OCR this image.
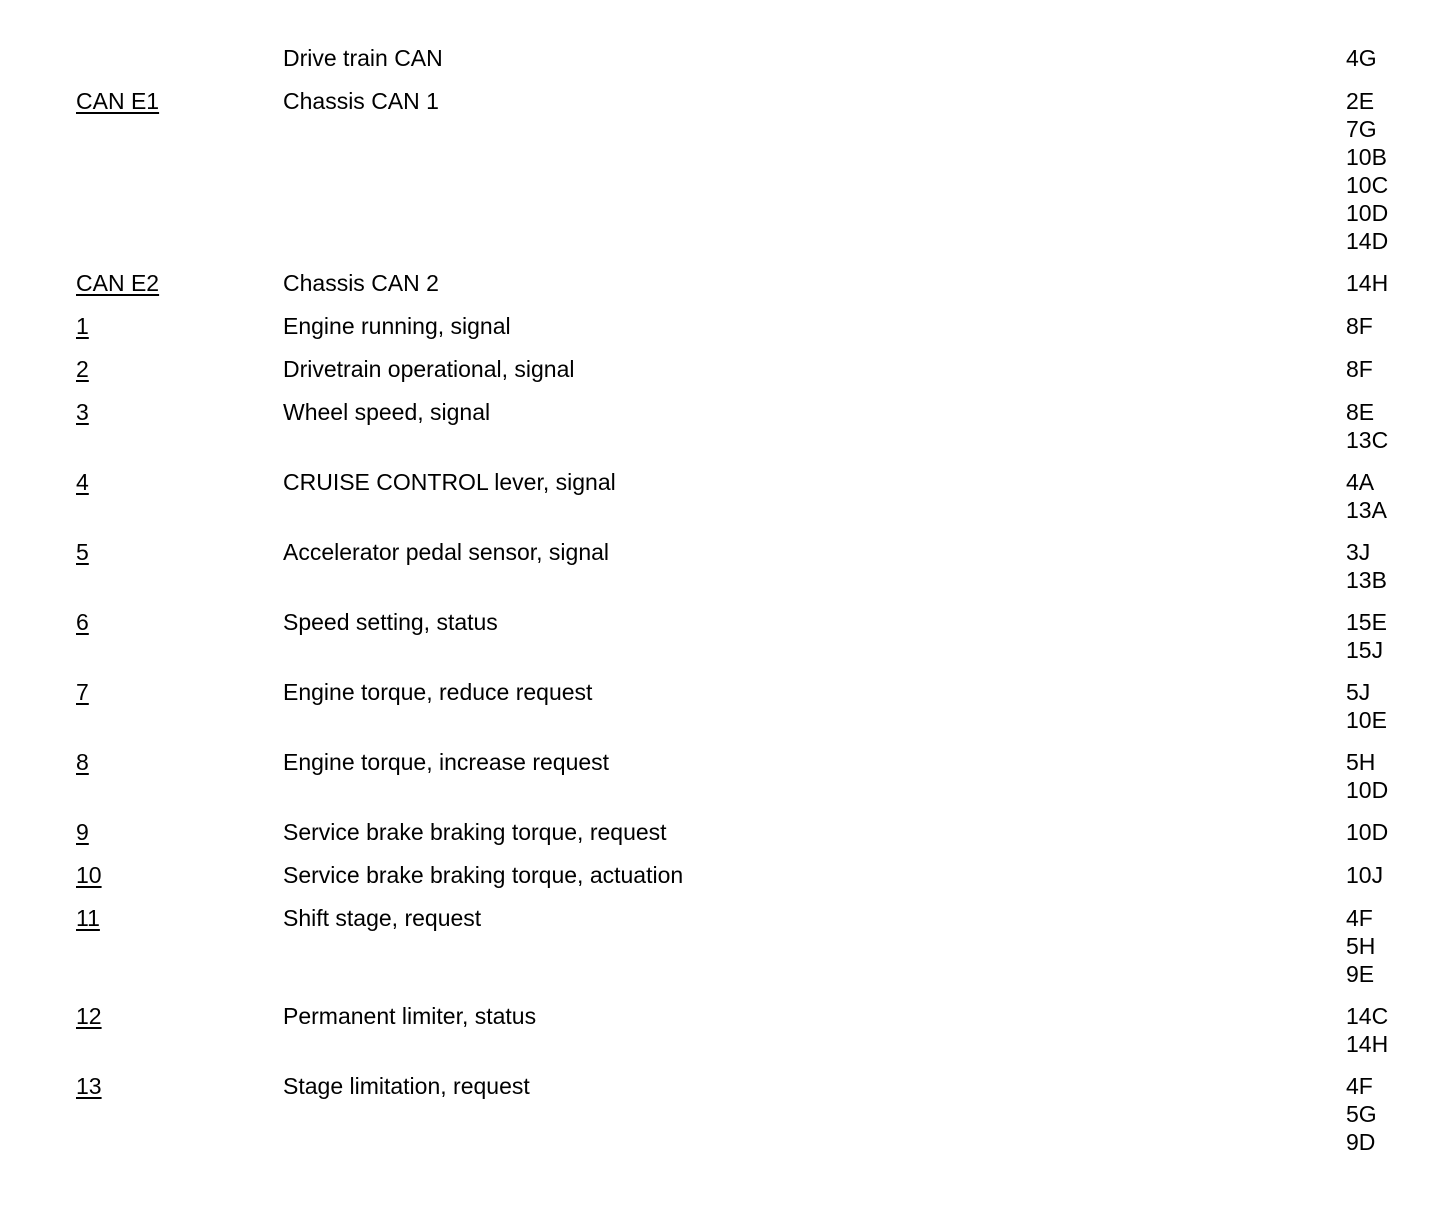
Drive train CAN	4G
CAN E1	Chassis CAN 1	2E
7G
10B
10C
10D
14D
CAN E2	Chassis CAN 2	14H
1	Engine running, signal	8F
2	Drivetrain operational, signal	8F
3	Wheel speed, signal	8E
13C
4	CRUISE CONTROL lever, signal	4A
13A
5	Accelerator pedal sensor, signal	3J
13B
6	Speed setting, status	15E
15J
7	Engine torque, reduce request	5J
10E
8	Engine torque, increase request	5H
10D
9	Service brake braking torque, request	10D
10	Service brake braking torque, actuation	10J
11	Shift stage, request	4F
5H
9E
12	Permanent limiter, status	14C
14H
13	Stage limitation, request	4F
5G
9D
